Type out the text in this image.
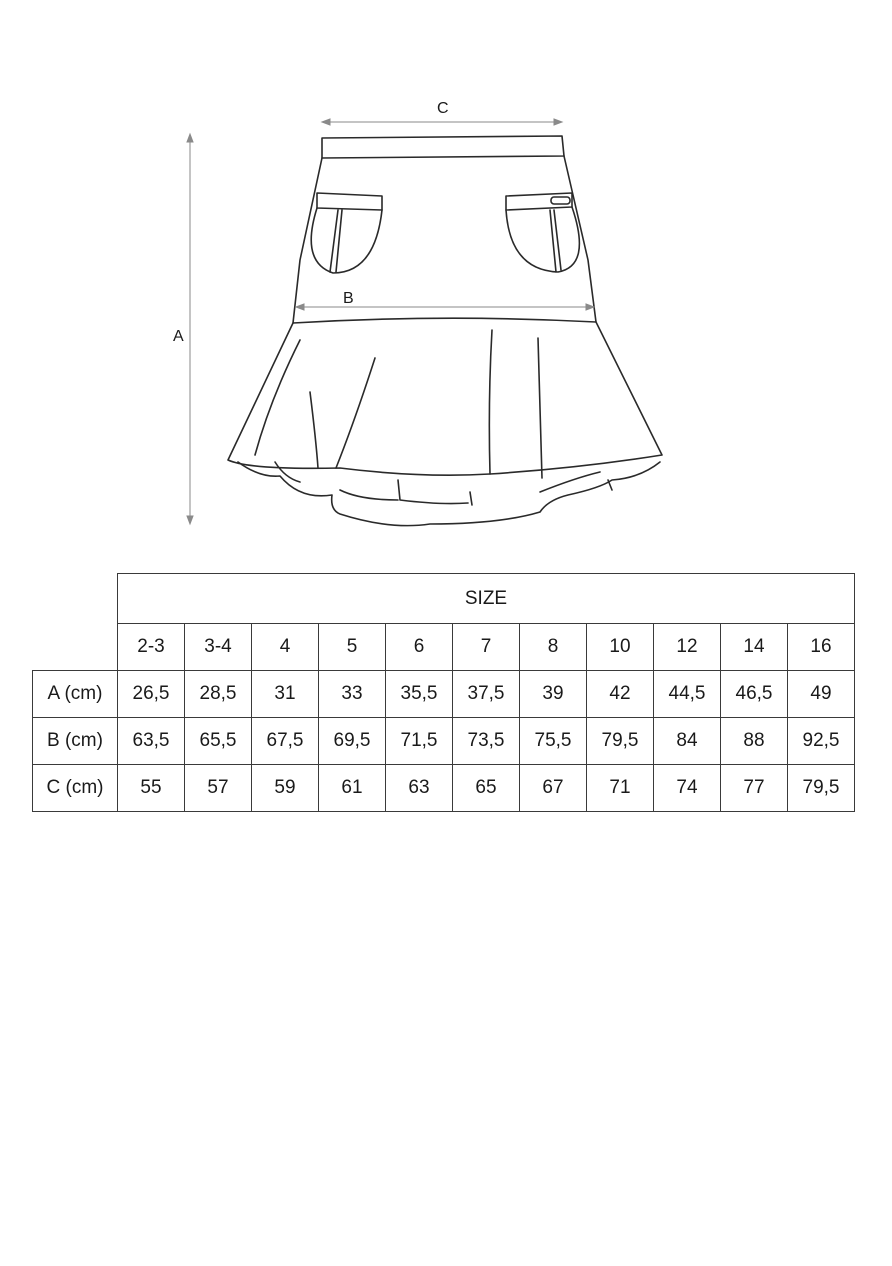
C
B
A
	SIZE										
	2-3	3-4	4	5	6	7	8	10	12	14	16
A (cm)	26,5	28,5	31	33	35,5	37,5	39	42	44,5	46,5	49
B (cm)	63,5	65,5	67,5	69,5	71,5	73,5	75,5	79,5	84	88	92,5
C (cm)	55	57	59	61	63	65	67	71	74	77	79,5
